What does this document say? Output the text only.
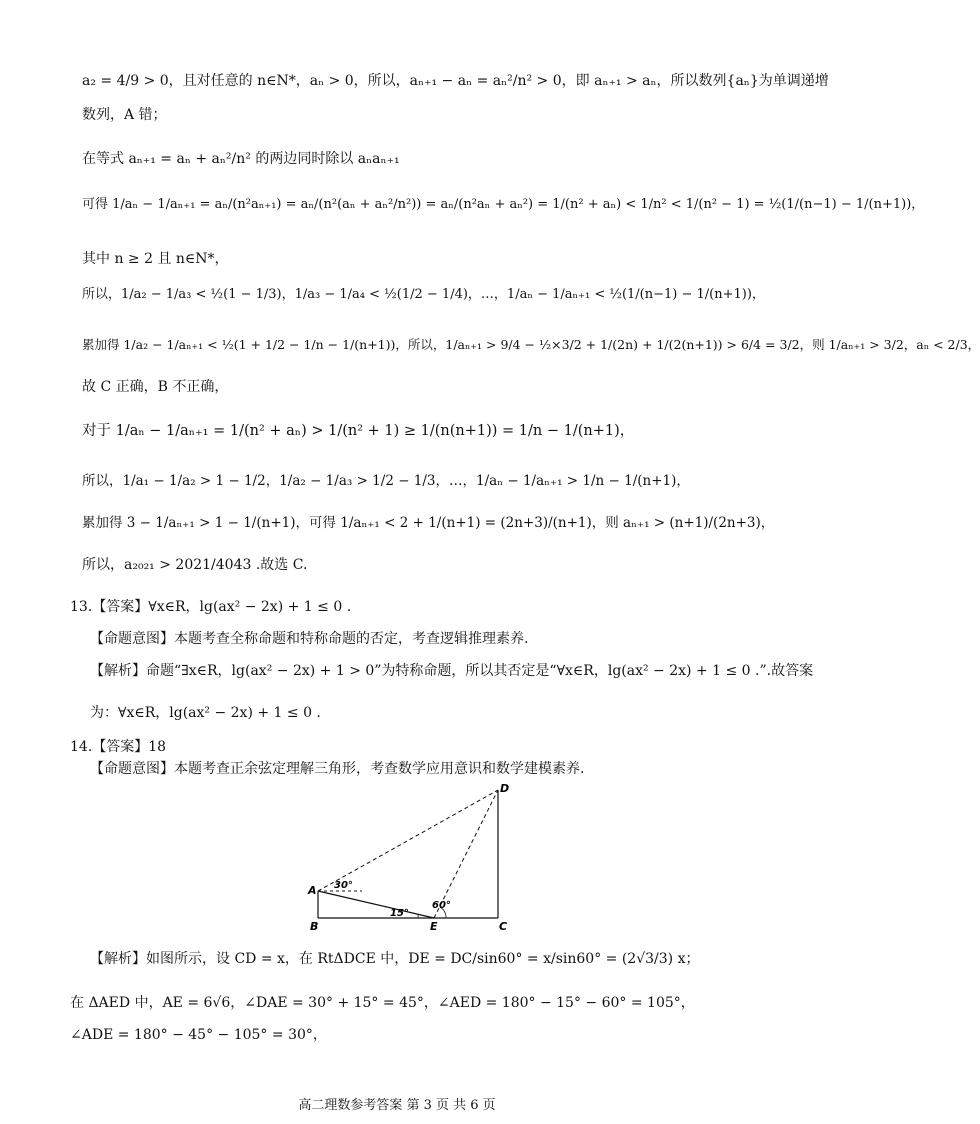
a₂ = 4/9 > 0，且对任意的 n∈N*，aₙ > 0，所以，aₙ₊₁ − aₙ = aₙ²/n² > 0，即 aₙ₊₁ > aₙ，所以数列{aₙ}为单调递增
数列，A 错；
在等式 aₙ₊₁ = aₙ + aₙ²/n² 的两边同时除以 aₙaₙ₊₁
可得 1/aₙ − 1/aₙ₊₁ = aₙ/(n²aₙ₊₁) = aₙ/(n²(aₙ + aₙ²/n²)) = aₙ/(n²aₙ + aₙ²) = 1/(n² + aₙ) < 1/n² < 1/(n² − 1) = ½(1/(n−1) − 1/(n+1))，
其中 n ≥ 2 且 n∈N*，
所以，1/a₂ − 1/a₃ < ½(1 − 1/3)，1/a₃ − 1/a₄ < ½(1/2 − 1/4)，…，1/aₙ − 1/aₙ₊₁ < ½(1/(n−1) − 1/(n+1))，
累加得 1/a₂ − 1/aₙ₊₁ < ½(1 + 1/2 − 1/n − 1/(n+1))，所以，1/aₙ₊₁ > 9/4 − ½×3/2 + 1/(2n) + 1/(2(n+1)) > 6/4 = 3/2，则 1/aₙ₊₁ > 3/2，aₙ < 2/3，
故 C 正确，B 不正确，
对于 1/aₙ − 1/aₙ₊₁ = 1/(n² + aₙ) > 1/(n² + 1) ≥ 1/(n(n+1)) = 1/n − 1/(n+1)，
所以，1/a₁ − 1/a₂ > 1 − 1/2，1/a₂ − 1/a₃ > 1/2 − 1/3，…，1/aₙ − 1/aₙ₊₁ > 1/n − 1/(n+1)，
累加得 3 − 1/aₙ₊₁ > 1 − 1/(n+1)，可得 1/aₙ₊₁ < 2 + 1/(n+1) = (2n+3)/(n+1)，则 aₙ₊₁ > (n+1)/(2n+3)，
所以，a₂₀₂₁ > 2021/4043 .故选 C.
13.【答案】∀x∈R，lg(ax² − 2x) + 1 ≤ 0 .
【命题意图】本题考查全称命题和特称命题的否定，考查逻辑推理素养.
【解析】命题“∃x∈R，lg(ax² − 2x) + 1 > 0”为特称命题，所以其否定是“∀x∈R，lg(ax² − 2x) + 1 ≤ 0 .”.故答案
为：∀x∈R，lg(ax² − 2x) + 1 ≤ 0 .
14.【答案】18
【命题意图】本题考查正余弦定理解三角形，考查数学应用意识和数学建模素养.
A
B	C
D
E
30°
15°
60°
【解析】如图所示，设 CD = x，在 RtΔDCE 中，DE = DC/sin60° = x/sin60° = (2√3/3) x；
在 ΔAED 中，AE = 6√6，∠DAE = 30° + 15° = 45°，∠AED = 180° − 15° − 60° = 105°，
∠ADE = 180° − 45° − 105° = 30°，
高二理数参考答案 第 3 页 共 6 页
